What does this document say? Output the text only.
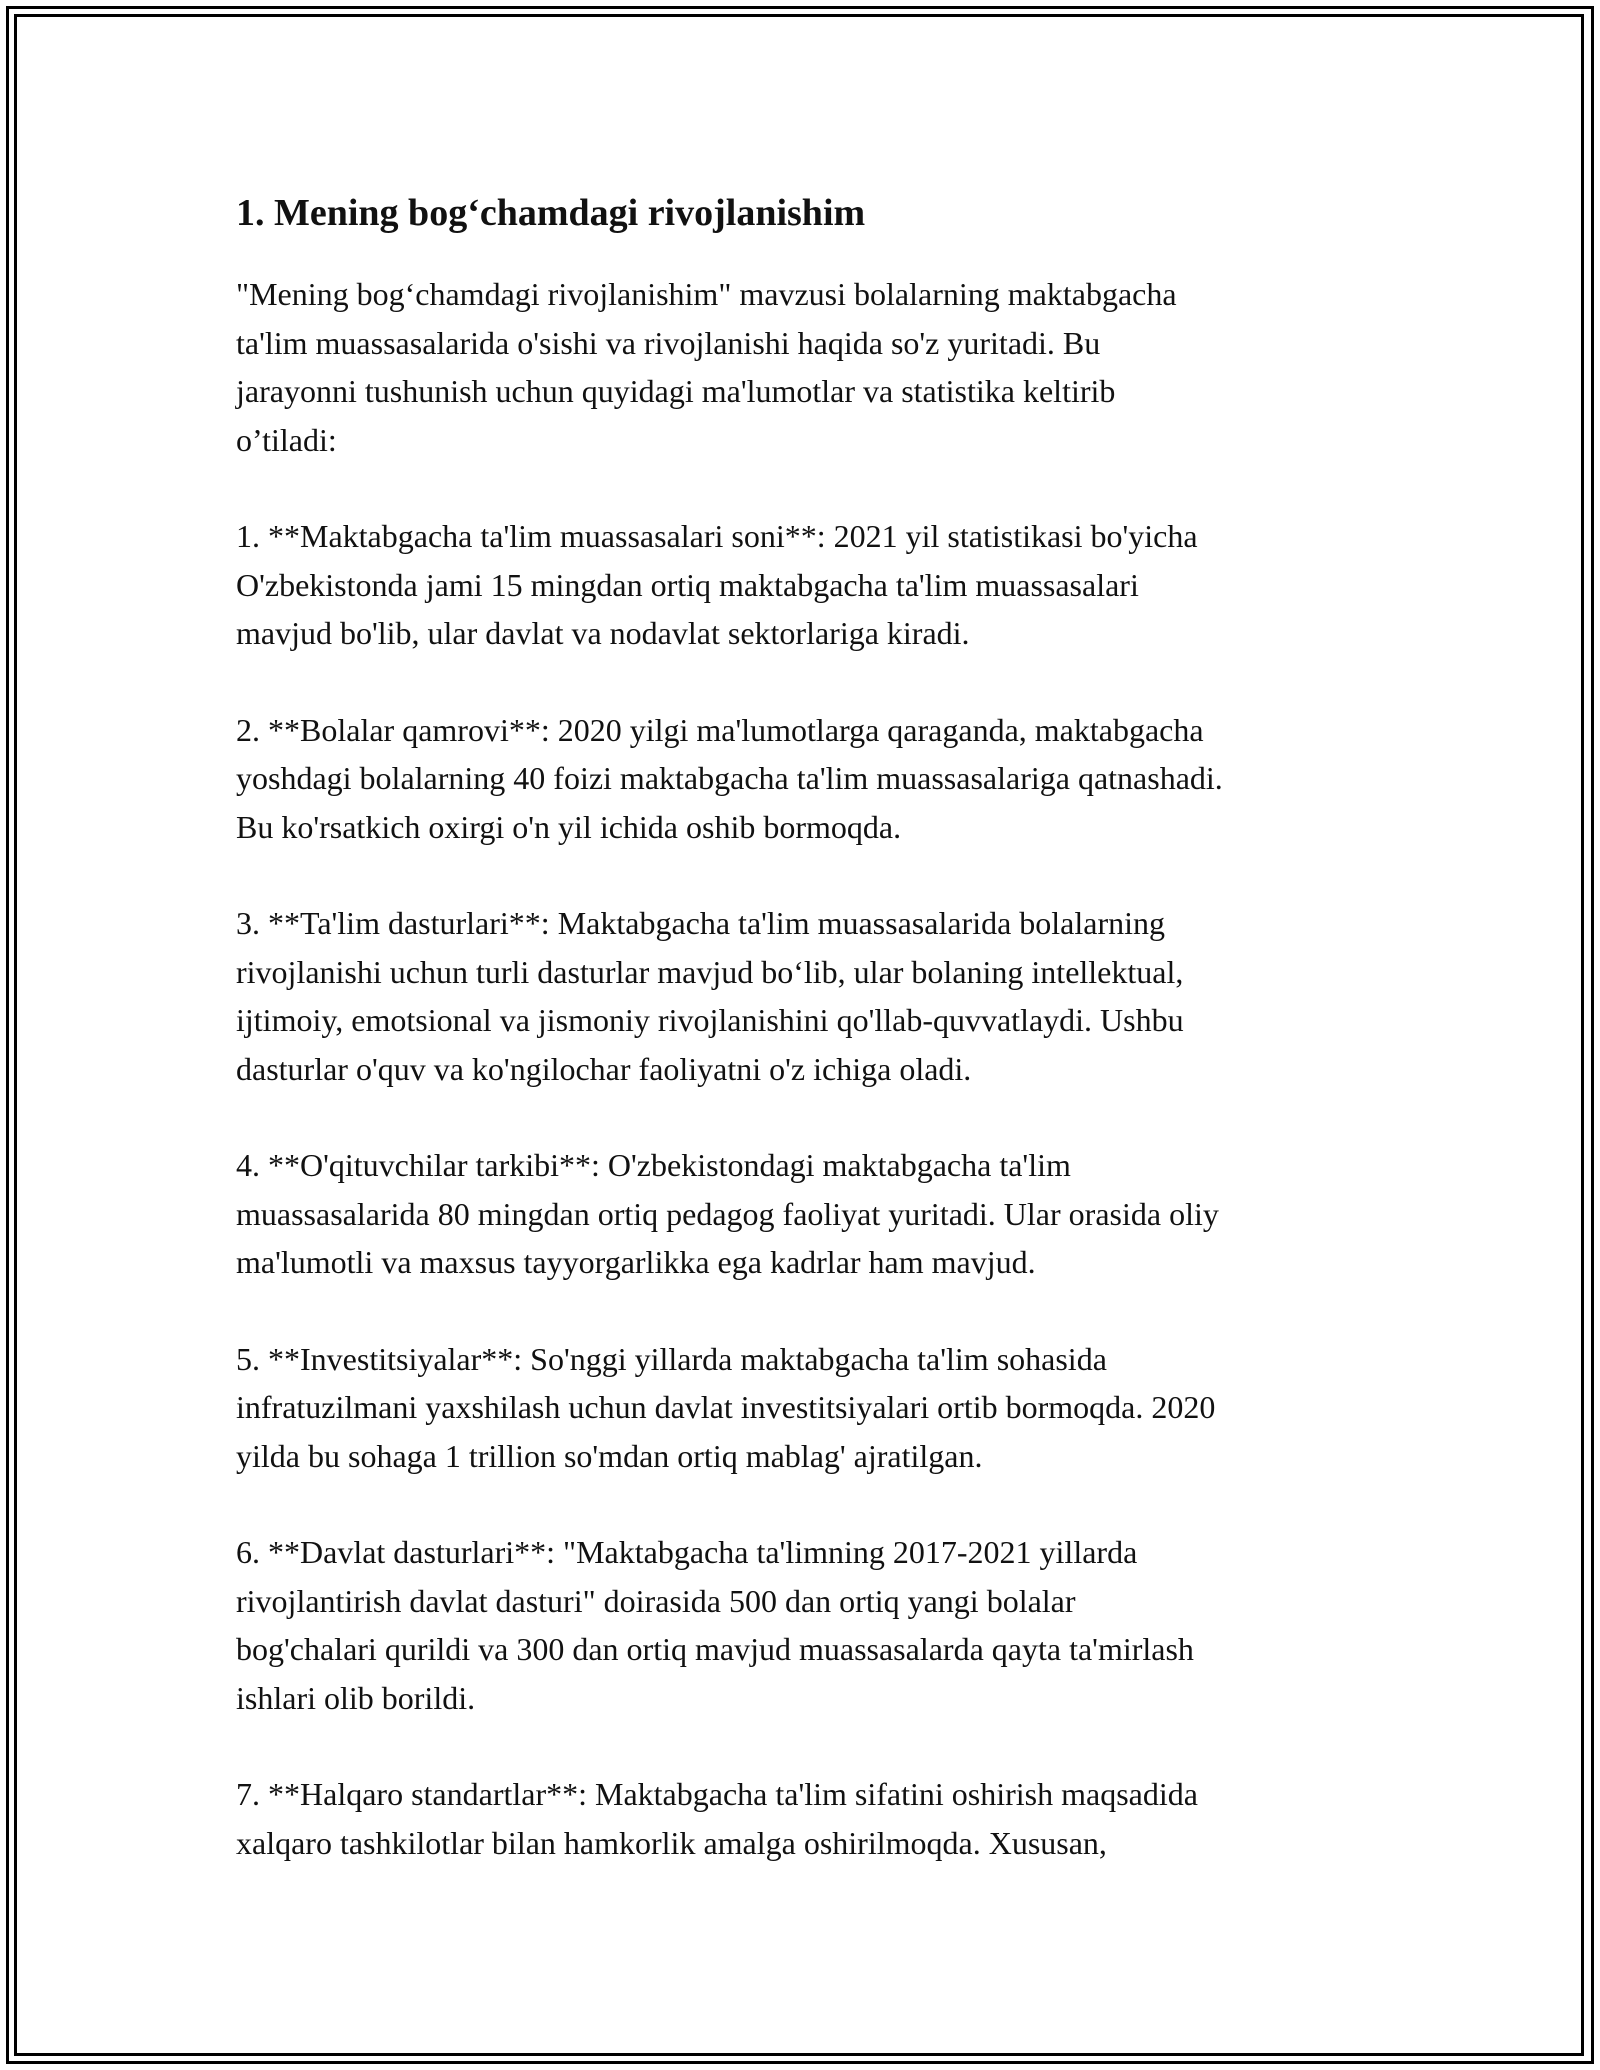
1. Mening bog‘chamdagi rivojlanishim

"Mening bog‘chamdagi rivojlanishim" mavzusi bolalarning maktabgacha
ta'lim muassasalarida o'sishi va rivojlanishi haqida so'z yuritadi. Bu
jarayonni tushunish uchun quyidagi ma'lumotlar va statistika keltirib
o’tiladi:

1. **Maktabgacha ta'lim muassasalari soni**: 2021 yil statistikasi bo'yicha
O'zbekistonda jami 15 mingdan ortiq maktabgacha ta'lim muassasalari
mavjud bo'lib, ular davlat va nodavlat sektorlariga kiradi.

2. **Bolalar qamrovi**: 2020 yilgi ma'lumotlarga qaraganda, maktabgacha
yoshdagi bolalarning 40 foizi maktabgacha ta'lim muassasalariga qatnashadi.
Bu ko'rsatkich oxirgi o'n yil ichida oshib bormoqda.

3. **Ta'lim dasturlari**: Maktabgacha ta'lim muassasalarida bolalarning
rivojlanishi uchun turli dasturlar mavjud bo‘lib, ular bolaning intellektual,
ijtimoiy, emotsional va jismoniy rivojlanishini qo'llab-quvvatlaydi. Ushbu
dasturlar o'quv va ko'ngilochar faoliyatni o'z ichiga oladi.

4. **O'qituvchilar tarkibi**: O'zbekistondagi maktabgacha ta'lim
muassasalarida 80 mingdan ortiq pedagog faoliyat yuritadi. Ular orasida oliy
ma'lumotli va maxsus tayyorgarlikka ega kadrlar ham mavjud.

5. **Investitsiyalar**: So'nggi yillarda maktabgacha ta'lim sohasida
infratuzilmani yaxshilash uchun davlat investitsiyalari ortib bormoqda. 2020
yilda bu sohaga 1 trillion so'mdan ortiq mablag' ajratilgan.

6. **Davlat dasturlari**: "Maktabgacha ta'limning 2017-2021 yillarda
rivojlantirish davlat dasturi" doirasida 500 dan ortiq yangi bolalar
bog'chalari qurildi va 300 dan ortiq mavjud muassasalarda qayta ta'mirlash
ishlari olib borildi.

7. **Halqaro standartlar**: Maktabgacha ta'lim sifatini oshirish maqsadida
xalqaro tashkilotlar bilan hamkorlik amalga oshirilmoqda. Xususan,
